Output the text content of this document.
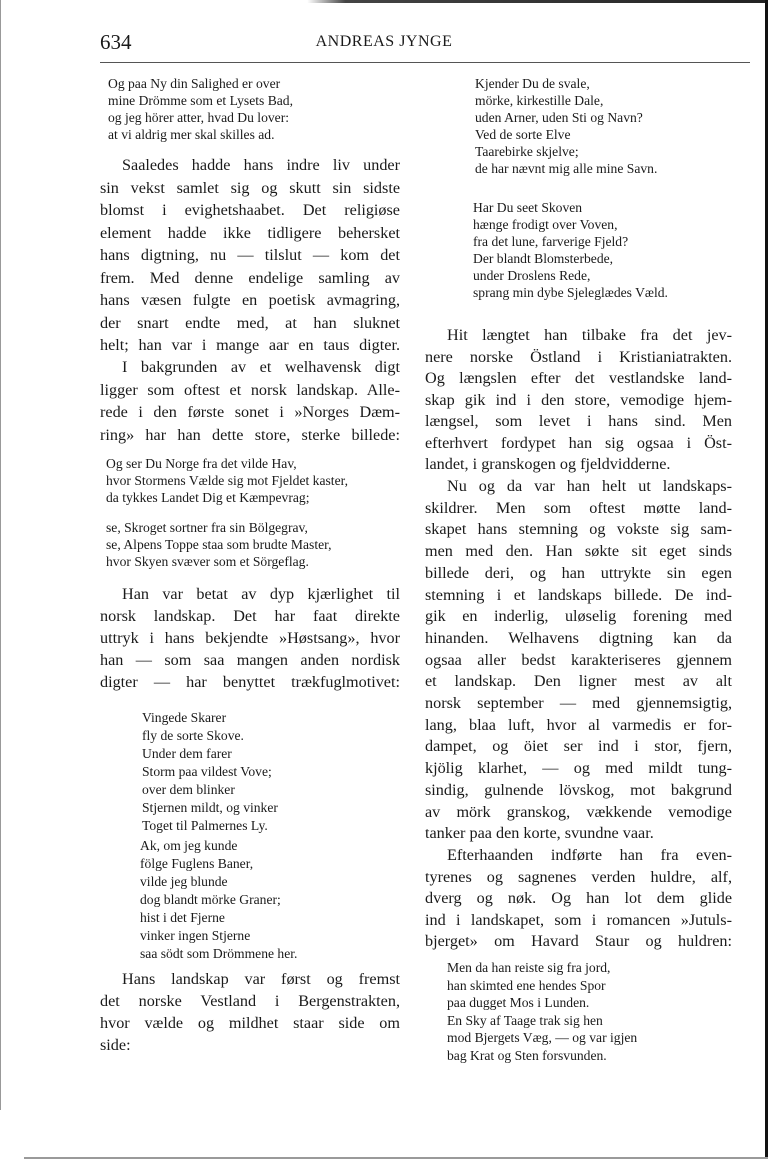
634	ANDREAS JYNGE
Og paa Ny din Salighed er over
mine Drömme som et Lysets Bad,
og jeg hörer atter, hvad Du lover:
at vi aldrig mer skal skilles ad.
Saaledes hadde hans indre liv under
sin vekst samlet sig og skutt sin sidste
blomst i evighetshaabet. Det religiøse
element hadde ikke tidligere behersket
hans digtning, nu — tilslut — kom det
frem. Med denne endelige samling av
hans væsen fulgte en poetisk avmagring,
der snart endte med, at han sluknet
helt; han var i mange aar en taus digter.
I bakgrunden av et welhavensk digt
ligger som oftest et norsk landskap. Alle-
rede i den første sonet i »Norges Dæm-
ring» har han dette store, sterke billede:
Og ser Du Norge fra det vilde Hav,
hvor Stormens Vælde sig mot Fjeldet kaster,
da tykkes Landet Dig et Kæmpevrag;
se, Skroget sortner fra sin Bölgegrav,
se, Alpens Toppe staa som brudte Master,
hvor Skyen svæver som et Sörgeflag.
Han var betat av dyp kjærlighet til
norsk landskap. Det har faat direkte
uttryk i hans bekjendte »Høstsang», hvor
han — som saa mangen anden nordisk
digter — har benyttet trækfuglmotivet:
Vingede Skarer
fly de sorte Skove.
Under dem farer
Storm paa vildest Vove;
over dem blinker
Stjernen mildt, og vinker
Toget til Palmernes Ly.
Ak, om jeg kunde
fölge Fuglens Baner,
vilde jeg blunde
dog blandt mörke Graner;
hist i det Fjerne
vinker ingen Stjerne
saa södt som Drömmene her.
Hans landskap var først og fremst
det norske Vestland i Bergenstrakten,
hvor vælde og mildhet staar side om
side:
Kjender Du de svale,
mörke, kirkestille Dale,
uden Arner, uden Sti og Navn?
Ved de sorte Elve
Taarebirke skjelve;
de har nævnt mig alle mine Savn.
Har Du seet Skoven
hænge frodigt over Voven,
fra det lune, farverige Fjeld?
Der blandt Blomsterbede,
under Droslens Rede,
sprang min dybe Sjeleglædes Væld.
Hit længtet han tilbake fra det jev-
nere norske Östland i Kristianiatrakten.
Og længslen efter det vestlandske land-
skap gik ind i den store, vemodige hjem-
længsel, som levet i hans sind. Men
efterhvert fordypet han sig ogsaa i Öst-
landet, i granskogen og fjeldvidderne.
Nu og da var han helt ut landskaps-
skildrer. Men som oftest møtte land-
skapet hans stemning og vokste sig sam-
men med den. Han søkte sit eget sinds
billede deri, og han uttrykte sin egen
stemning i et landskaps billede. De ind-
gik en inderlig, uløselig forening med
hinanden. Welhavens digtning kan da
ogsaa aller bedst karakteriseres gjennem
et landskap. Den ligner mest av alt
norsk september — med gjennemsigtig,
lang, blaa luft, hvor al varmedis er for-
dampet, og öiet ser ind i stor, fjern,
kjölig klarhet, — og med mildt tung-
sindig, gulnende lövskog, mot bakgrund
av mörk granskog, vækkende vemodige
tanker paa den korte, svundne vaar.
Efterhaanden indførte han fra even-
tyrenes og sagnenes verden huldre, alf,
dverg og nøk. Og han lot dem glide
ind i landskapet, som i romancen »Jutuls-
bjerget» om Havard Staur og huldren:
Men da han reiste sig fra jord,
han skimted ene hendes Spor
paa dugget Mos i Lunden.
En Sky af Taage trak sig hen
mod Bjergets Væg, — og var igjen
bag Krat og Sten forsvunden.
